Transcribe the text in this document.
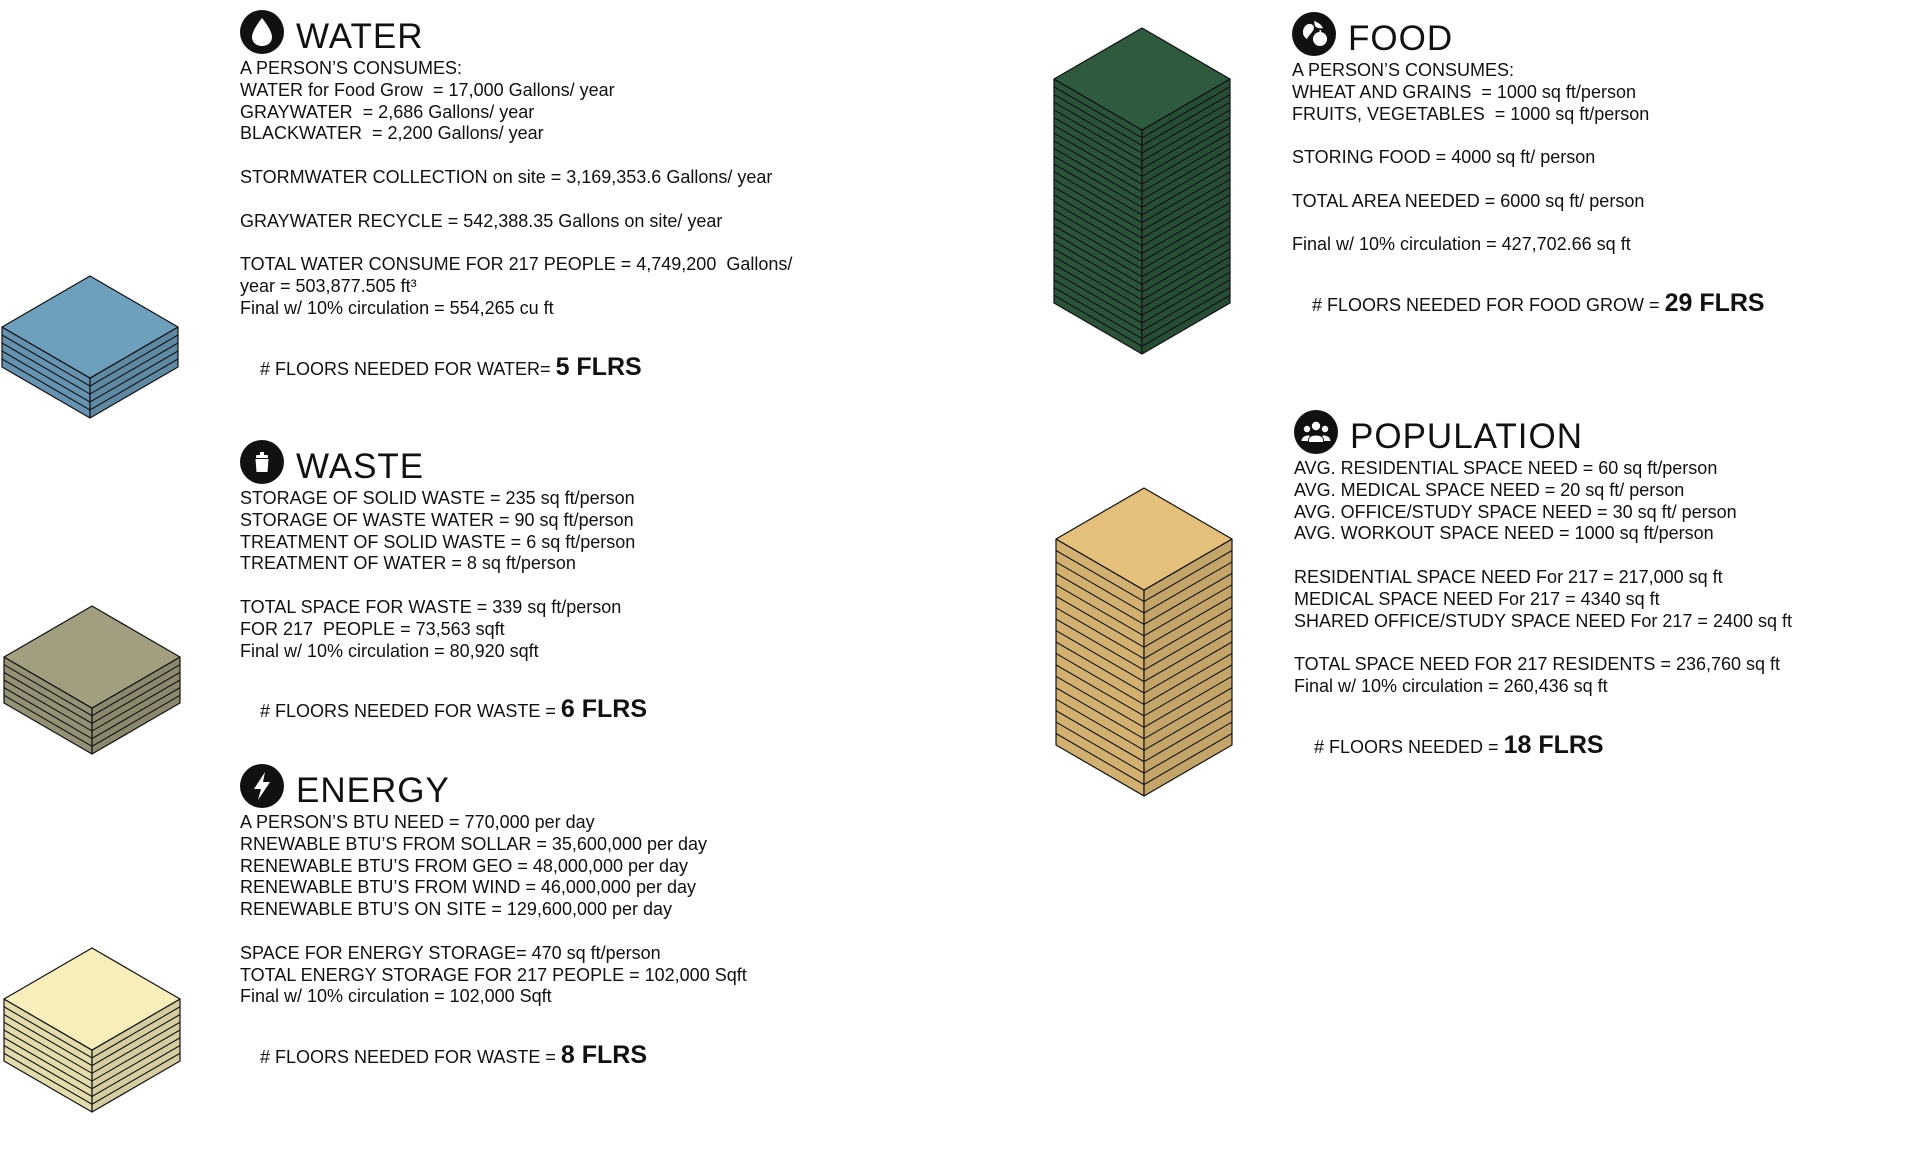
WATER
A PERSON’S CONSUMES:
WATER for Food Grow  = 17,000 Gallons/ year
GRAYWATER  = 2,686 Gallons/ year
BLACKWATER  = 2,200 Gallons/ year
STORMWATER COLLECTION on site = 3,169,353.6 Gallons/ year
GRAYWATER RECYCLE = 542,388.35 Gallons on site/ year
TOTAL WATER CONSUME FOR 217 PEOPLE = 4,749,200  Gallons/
year = 503,877.505 ft³
Final w/ 10% circulation = 554,265 cu ft

# FLOORS NEEDED FOR WATER= 5 FLRS

WASTE
STORAGE OF SOLID WASTE = 235 sq ft/person
STORAGE OF WASTE WATER = 90 sq ft/person
TREATMENT OF SOLID WASTE = 6 sq ft/person
TREATMENT OF WATER = 8 sq ft/person
TOTAL SPACE FOR WASTE = 339 sq ft/person
FOR 217  PEOPLE = 73,563 sqft
Final w/ 10% circulation = 80,920 sqft

# FLOORS NEEDED FOR WASTE = 6 FLRS

ENERGY
A PERSON’S BTU NEED = 770,000 per day
RNEWABLE BTU’S FROM SOLLAR = 35,600,000 per day
RENEWABLE BTU’S FROM GEO = 48,000,000 per day
RENEWABLE BTU’S FROM WIND = 46,000,000 per day
RENEWABLE BTU’S ON SITE = 129,600,000 per day
SPACE FOR ENERGY STORAGE= 470 sq ft/person
TOTAL ENERGY STORAGE FOR 217 PEOPLE = 102,000 Sqft
Final w/ 10% circulation = 102,000 Sqft

# FLOORS NEEDED FOR WASTE = 8 FLRS

FOOD
A PERSON’S CONSUMES:
WHEAT AND GRAINS  = 1000 sq ft/person
FRUITS, VEGETABLES  = 1000 sq ft/person
STORING FOOD = 4000 sq ft/ person
TOTAL AREA NEEDED = 6000 sq ft/ person
Final w/ 10% circulation = 427,702.66 sq ft

# FLOORS NEEDED FOR FOOD GROW = 29 FLRS

POPULATION
AVG. RESIDENTIAL SPACE NEED = 60 sq ft/person
AVG. MEDICAL SPACE NEED = 20 sq ft/ person
AVG. OFFICE/STUDY SPACE NEED = 30 sq ft/ person
AVG. WORKOUT SPACE NEED = 1000 sq ft/person
RESIDENTIAL SPACE NEED For 217 = 217,000 sq ft
MEDICAL SPACE NEED For 217 = 4340 sq ft
SHARED OFFICE/STUDY SPACE NEED For 217 = 2400 sq ft
TOTAL SPACE NEED FOR 217 RESIDENTS = 236,760 sq ft
Final w/ 10% circulation = 260,436 sq ft

# FLOORS NEEDED = 18 FLRS
